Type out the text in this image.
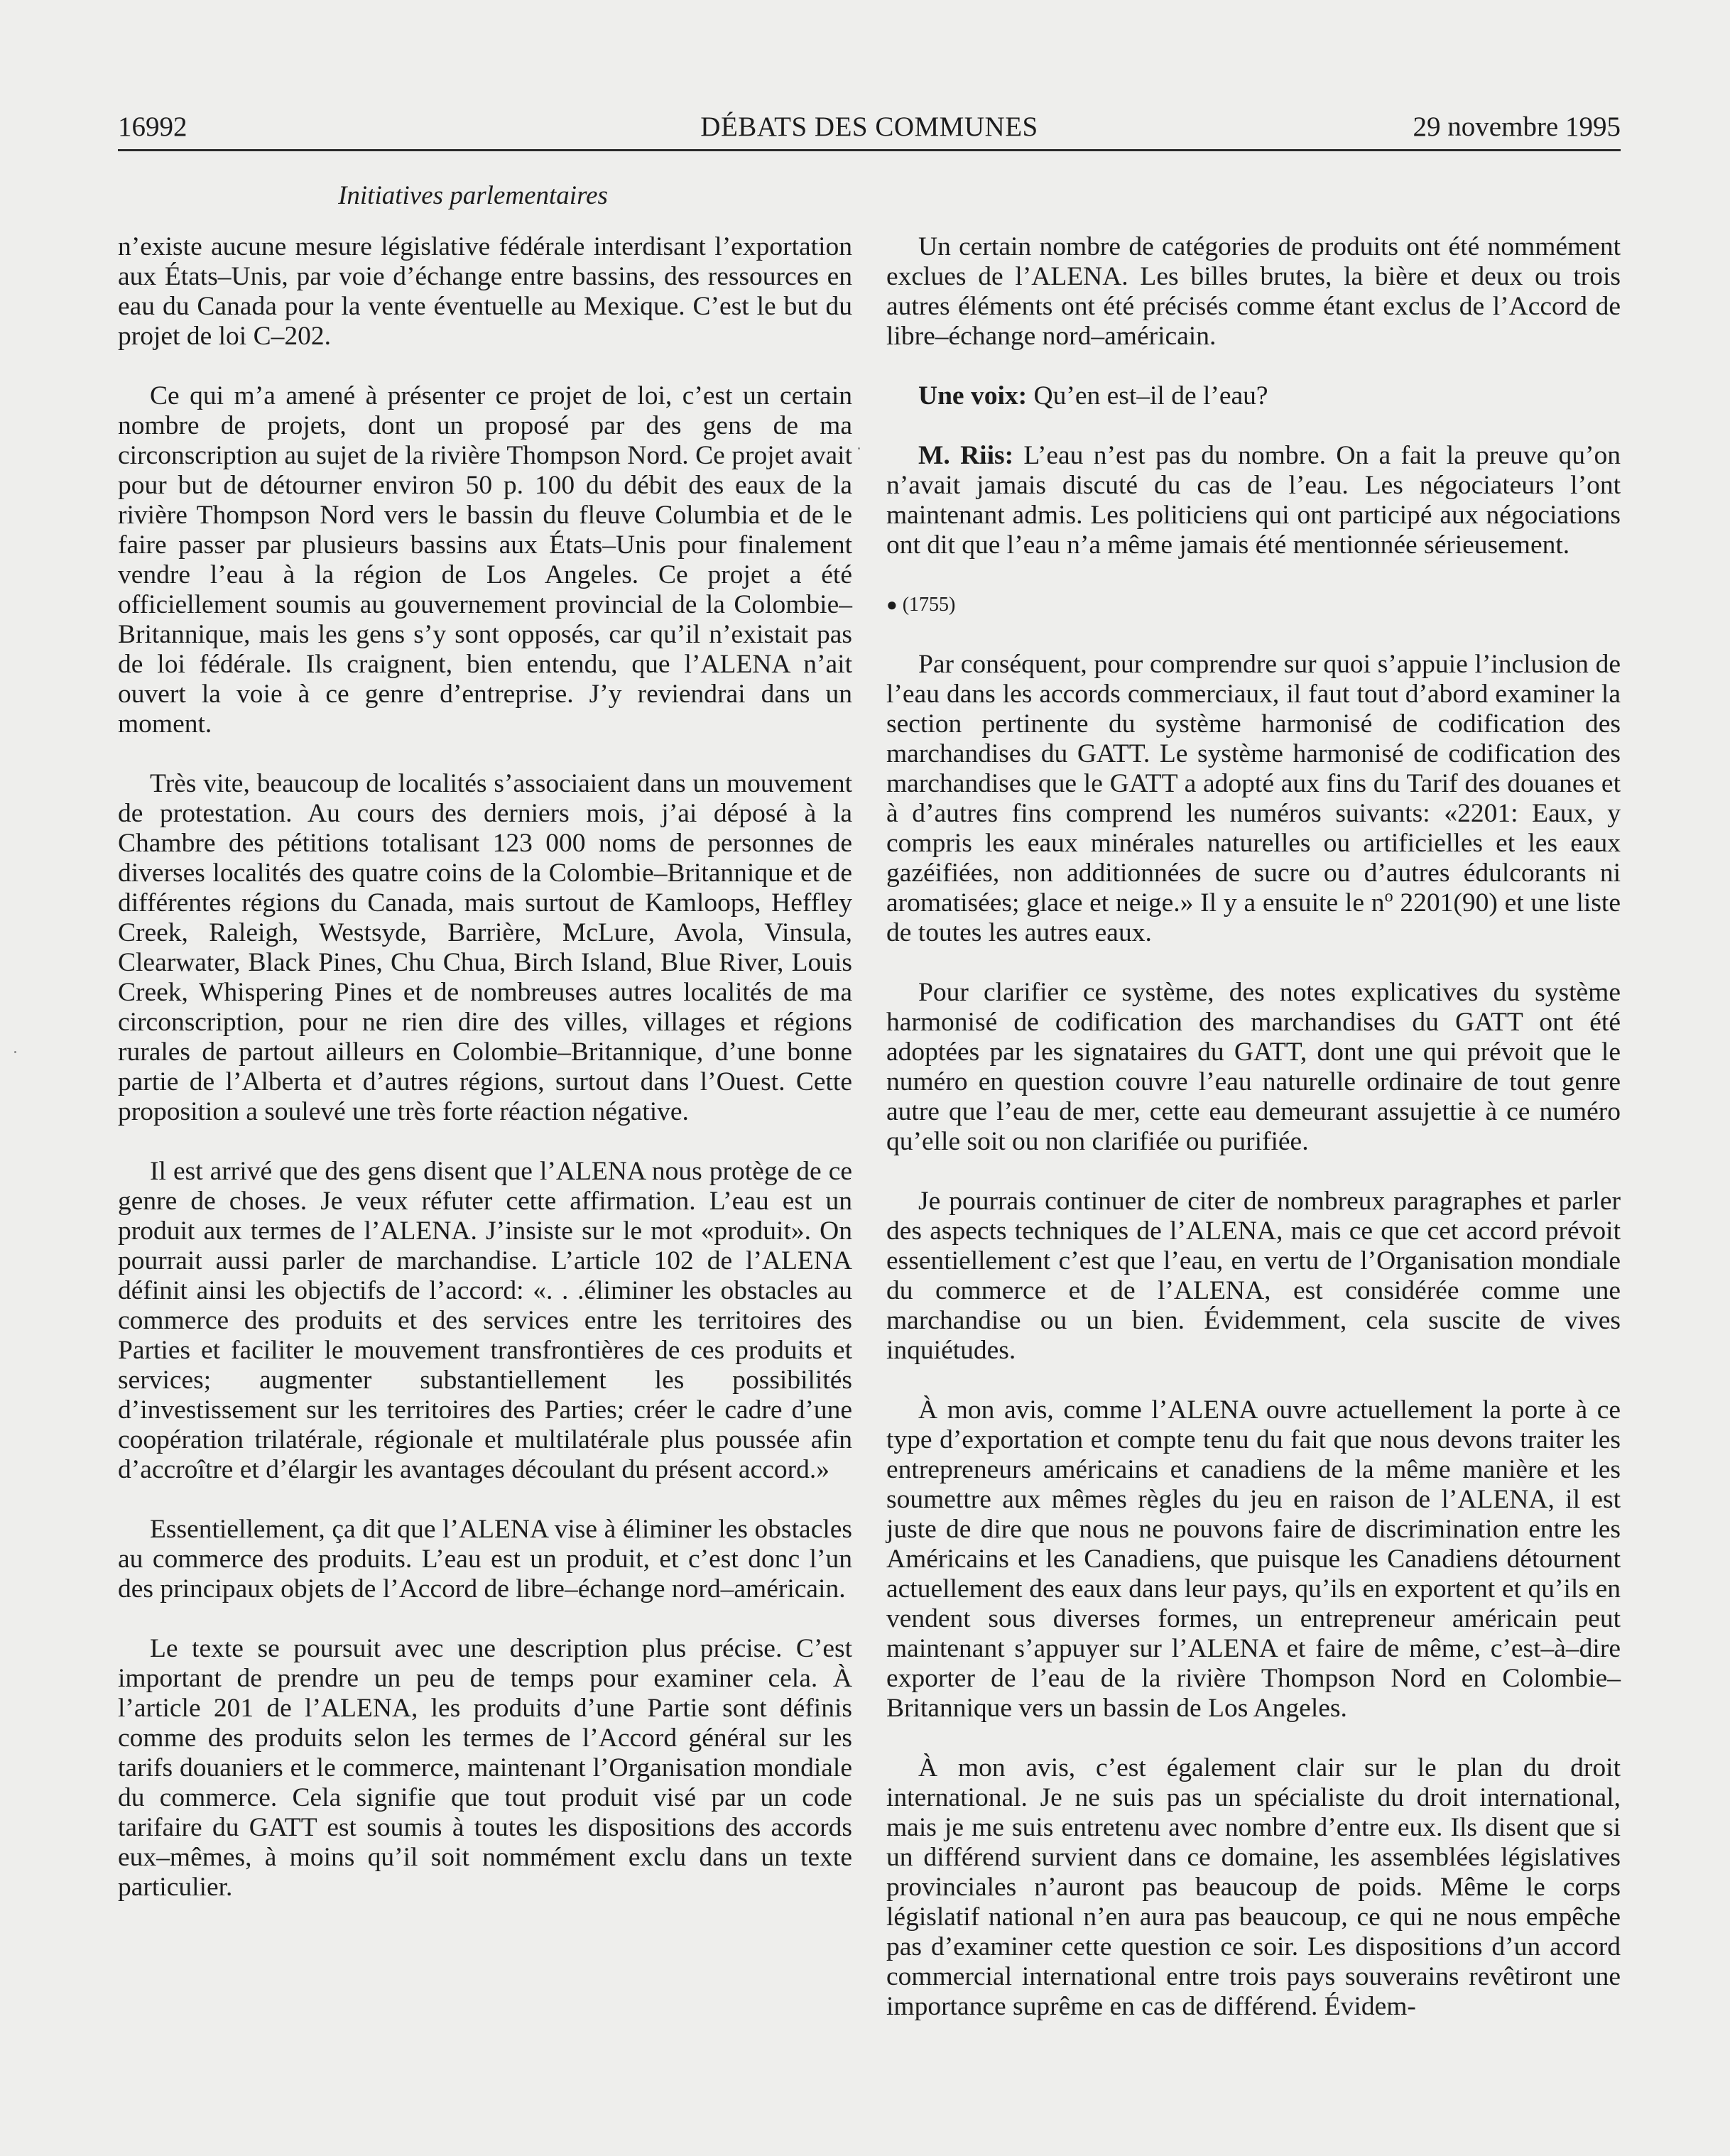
16992	DÉBATS DES COMMUNES	29 novembre 1995
Initiatives parlementaires

n’existe aucune mesure législative fédérale interdisant l’exportation aux États–Unis, par voie d’échange entre bassins, des ressources en eau du Canada pour la vente éventuelle au Mexique. C’est le but du projet de loi C–202.

Ce qui m’a amené à présenter ce projet de loi, c’est un certain nombre de projets, dont un proposé par des gens de ma circonscription au sujet de la rivière Thompson Nord. Ce projet avait pour but de détourner environ 50 p. 100 du débit des eaux de la rivière Thompson Nord vers le bassin du fleuve Columbia et de le faire passer par plusieurs bassins aux États–Unis pour finalement vendre l’eau à la région de Los Angeles. Ce projet a été officiellement soumis au gouvernement provincial de la Colombie–Britannique, mais les gens s’y sont opposés, car qu’il n’existait pas de loi fédérale. Ils craignent, bien entendu, que l’ALENA n’ait ouvert la voie à ce genre d’entreprise. J’y reviendrai dans un moment.

Très vite, beaucoup de localités s’associaient dans un mouvement de protestation. Au cours des derniers mois, j’ai déposé à la Chambre des pétitions totalisant 123 000 noms de personnes de diverses localités des quatre coins de la Colombie–Britannique et de différentes régions du Canada, mais surtout de Kamloops, Heffley Creek, Raleigh, Westsyde, Barrière, McLure, Avola, Vinsula, Clearwater, Black Pines, Chu Chua, Birch Island, Blue River, Louis Creek, Whispering Pines et de nombreuses autres localités de ma circonscription, pour ne rien dire des villes, villages et régions rurales de partout ailleurs en Colombie–Britannique, d’une bonne partie de l’Alberta et d’autres régions, surtout dans l’Ouest. Cette proposition a soulevé une très forte réaction négative.

Il est arrivé que des gens disent que l’ALENA nous protège de ce genre de choses. Je veux réfuter cette affirmation. L’eau est un produit aux termes de l’ALENA. J’insiste sur le mot «produit». On pourrait aussi parler de marchandise. L’article 102 de l’ALENA définit ainsi les objectifs de l’accord: «. . .éliminer les obstacles au commerce des produits et des services entre les territoires des Parties et faciliter le mouvement transfrontières de ces produits et services; augmenter substantiellement les possibilités d’investissement sur les territoires des Parties; créer le cadre d’une coopération trilatérale, régionale et multilatérale plus poussée afin d’accroître et d’élargir les avantages découlant du présent accord.»

Essentiellement, ça dit que l’ALENA vise à éliminer les obstacles au commerce des produits. L’eau est un produit, et c’est donc l’un des principaux objets de l’Accord de libre–échange nord–américain.

Le texte se poursuit avec une description plus précise. C’est important de prendre un peu de temps pour examiner cela. À l’article 201 de l’ALENA, les produits d’une Partie sont définis comme des produits selon les termes de l’Accord général sur les tarifs douaniers et le commerce, maintenant l’Organisation mondiale du commerce. Cela signifie que tout produit visé par un code tarifaire du GATT est soumis à toutes les dispositions des accords eux–mêmes, à moins qu’il soit nommément exclu dans un texte particulier.

Un certain nombre de catégories de produits ont été nommément exclues de l’ALENA. Les billes brutes, la bière et deux ou trois autres éléments ont été précisés comme étant exclus de l’Accord de libre–échange nord–américain.

Une voix: Qu’en est–il de l’eau?

M. Riis: L’eau n’est pas du nombre. On a fait la preuve qu’on n’avait jamais discuté du cas de l’eau. Les négociateurs l’ont maintenant admis. Les politiciens qui ont participé aux négociations ont dit que l’eau n’a même jamais été mentionnée sérieusement.

● (1755)

Par conséquent, pour comprendre sur quoi s’appuie l’inclusion de l’eau dans les accords commerciaux, il faut tout d’abord examiner la section pertinente du système harmonisé de codification des marchandises du GATT. Le système harmonisé de codification des marchandises que le GATT a adopté aux fins du Tarif des douanes et à d’autres fins comprend les numéros suivants: «2201: Eaux, y compris les eaux minérales naturelles ou artificielles et les eaux gazéifiées, non additionnées de sucre ou d’autres édulcorants ni aromatisées; glace et neige.» Il y a ensuite le $n^o$ 2201(90) et une liste de toutes les autres eaux.

Pour clarifier ce système, des notes explicatives du système harmonisé de codification des marchandises du GATT ont été adoptées par les signataires du GATT, dont une qui prévoit que le numéro en question couvre l’eau naturelle ordinaire de tout genre autre que l’eau de mer, cette eau demeurant assujettie à ce numéro qu’elle soit ou non clarifiée ou purifiée.

Je pourrais continuer de citer de nombreux paragraphes et parler des aspects techniques de l’ALENA, mais ce que cet accord prévoit essentiellement c’est que l’eau, en vertu de l’Organisation mondiale du commerce et de l’ALENA, est considérée comme une marchandise ou un bien. Évidemment, cela suscite de vives inquiétudes.

À mon avis, comme l’ALENA ouvre actuellement la porte à ce type d’exportation et compte tenu du fait que nous devons traiter les entrepreneurs américains et canadiens de la même manière et les soumettre aux mêmes règles du jeu en raison de l’ALENA, il est juste de dire que nous ne pouvons faire de discrimination entre les Américains et les Canadiens, que puisque les Canadiens détournent actuellement des eaux dans leur pays, qu’ils en exportent et qu’ils en vendent sous diverses formes, un entrepreneur américain peut maintenant s’appuyer sur l’ALENA et faire de même, c’est–à–dire exporter de l’eau de la rivière Thompson Nord en Colombie–Britannique vers un bassin de Los Angeles.

À mon avis, c’est également clair sur le plan du droit international. Je ne suis pas un spécialiste du droit international, mais je me suis entretenu avec nombre d’entre eux. Ils disent que si un différend survient dans ce domaine, les assemblées législatives provinciales n’auront pas beaucoup de poids. Même le corps législatif national n’en aura pas beaucoup, ce qui ne nous empêche pas d’examiner cette question ce soir. Les dispositions d’un accord commercial international entre trois pays souverains revêtiront une importance suprême en cas de différend. Évidem-
